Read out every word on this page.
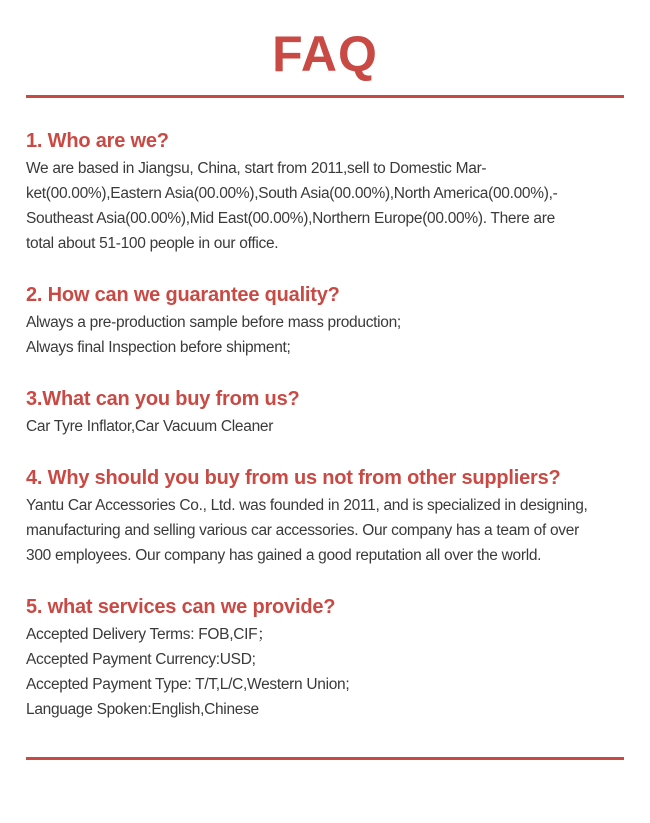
FAQ
1. Who are we?

We are based in Jiangsu, China, start from 2011,sell to Domestic Mar-
ket(00.00%),Eastern Asia(00.00%),South Asia(00.00%),North America(00.00%),-
Southeast Asia(00.00%),Mid East(00.00%),Northern Europe(00.00%). There are
total about 51-100 people in our office.

2. How can we guarantee quality?

Always a pre-production sample before mass production;
Always final Inspection before shipment;

3.What can you buy from us?

Car Tyre Inflator,Car Vacuum Cleaner

4. Why should you buy from us not from other suppliers?

Yantu Car Accessories Co., Ltd. was founded in 2011, and is specialized in designing,
manufacturing and selling various car accessories. Our company has a team of over
300 employees. Our company has gained a good reputation all over the world.

5. what services can we provide?

Accepted Delivery Terms: FOB,CIF；
Accepted Payment Currency:USD;
Accepted Payment Type: T/T,L/C,Western Union;
Language Spoken:English,Chinese
